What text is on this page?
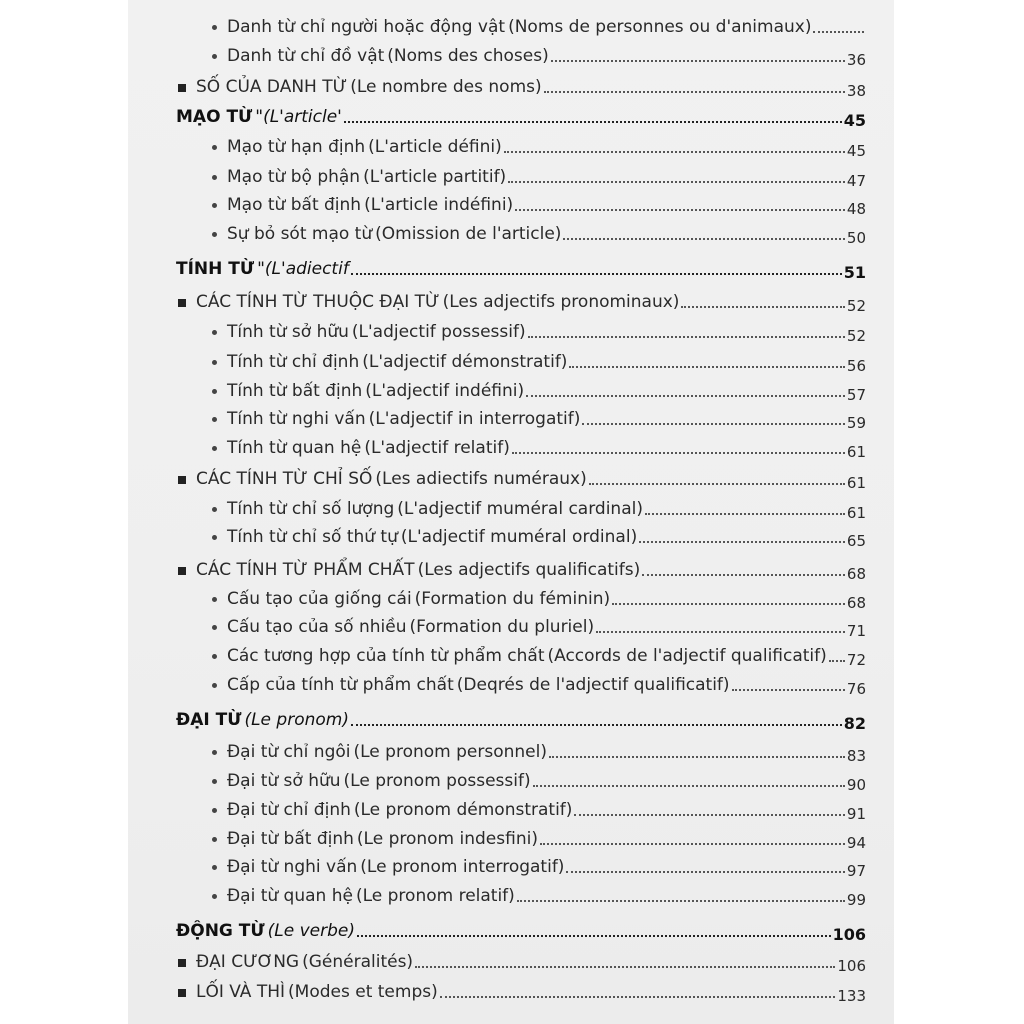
Danh từ chỉ người hoặc động vật (Noms de personnes ou d'animaux)
Danh từ chỉ đồ vật (Noms des choses)	36
SỐ CỦA DANH TỪ (Le nombre des noms)	38
MẠO TỪ "(L'article'	45
Mạo từ hạn định (L'article défini)	45
Mạo từ bộ phận (L'article partitif)	47
Mạo từ bất định (L'article indéfini)	48
Sự bỏ sót mạo từ (Omission de l'article)	50
TÍNH TỪ "(L'adiectif	51
CÁC TÍNH TỪ THUỘC ĐẠI TỪ (Les adjectifs pronominaux)	52
Tính từ sở hữu (L'adjectif possessif)	52
Tính từ chỉ định (L'adjectif démonstratif)	56
Tính từ bất định (L'adjectif indéfini)	57
Tính từ nghi vấn (L'adjectif in interrogatif)	59
Tính từ quan hệ (L'adjectif relatif)	61
CÁC TÍNH TỪ CHỈ SỐ (Les adiectifs numéraux)	61
Tính từ chỉ số lượng (L'adjectif muméral cardinal)	61
Tính từ chỉ số thứ tự (L'adjectif muméral ordinal)	65
CÁC TÍNH TỪ PHẨM CHẤT (Les adjectifs qualificatifs)	68
Cấu tạo của giống cái (Formation du féminin)	68
Cấu tạo của số nhiều (Formation du pluriel)	71
Các tương hợp của tính từ phẩm chất (Accords de l'adjectif qualificatif) 72
Cấp của tính từ phẩm chất (Deqrés de l'adjectif qualificatif)	76
ĐẠI TỪ (Le pronom)	82
Đại từ chỉ ngôi (Le pronom personnel)	83
Đại từ sở hữu (Le pronom possessif)	90
Đại từ chỉ định (Le pronom démonstratif)	91
Đại từ bất định (Le pronom indesfini)	94
Đại từ nghi vấn (Le pronom interrogatif)	97
Đại từ quan hệ (Le pronom relatif)	99
ĐỘNG TỪ (Le verbe)	106
ĐẠI CƯƠNG (Généralités)	106
LỐI VÀ THÌ (Modes et temps)	133
